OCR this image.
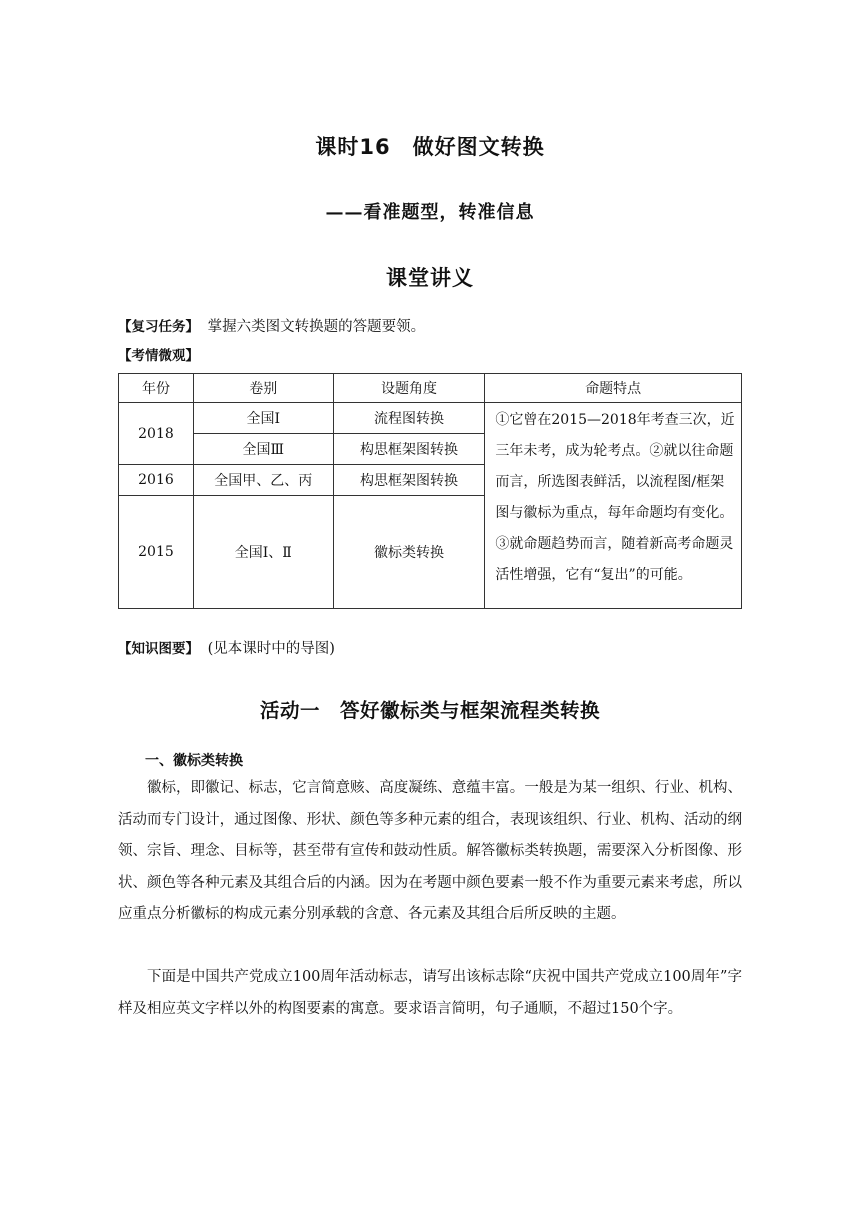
课时16　做好图文转换
——看准题型，转准信息
课堂讲义
【复习任务】 掌握六类图文转换题的答题要领。
【考情微观】
年份	卷别	设题角度	命题特点
2018	全国Ⅰ	流程图转换	①它曾在2015—2018年考查三次，近三年未考，成为轮考点。②就以往命题而言，所选图表鲜活，以流程图/框架图与徽标为重点，每年命题均有变化。③就命题趋势而言，随着新高考命题灵活性增强，它有“复出”的可能。
	全国Ⅲ	构思框架图转换	
2016	全国甲、乙、丙	构思框架图转换	
2015	全国Ⅰ、Ⅱ	徽标类转换	
【知识图要】 (见本课时中的导图)
活动一　答好徽标类与框架流程类转换
一、徽标类转换
徽标，即徽记、标志，它言简意赅、高度凝练、意蕴丰富。一般是为某一组织、行业、机构、活动而专门设计，通过图像、形状、颜色等多种元素的组合，表现该组织、行业、机构、活动的纲领、宗旨、理念、目标等，甚至带有宣传和鼓动性质。解答徽标类转换题，需要深入分析图像、形状、颜色等各种元素及其组合后的内涵。因为在考题中颜色要素一般不作为重要元素来考虑，所以应重点分析徽标的构成元素分别承载的含意、各元素及其组合后所反映的主题。
下面是中国共产党成立100周年活动标志，请写出该标志除“庆祝中国共产党成立100周年”字样及相应英文字样以外的构图要素的寓意。要求语言简明，句子通顺，不超过150个字。
